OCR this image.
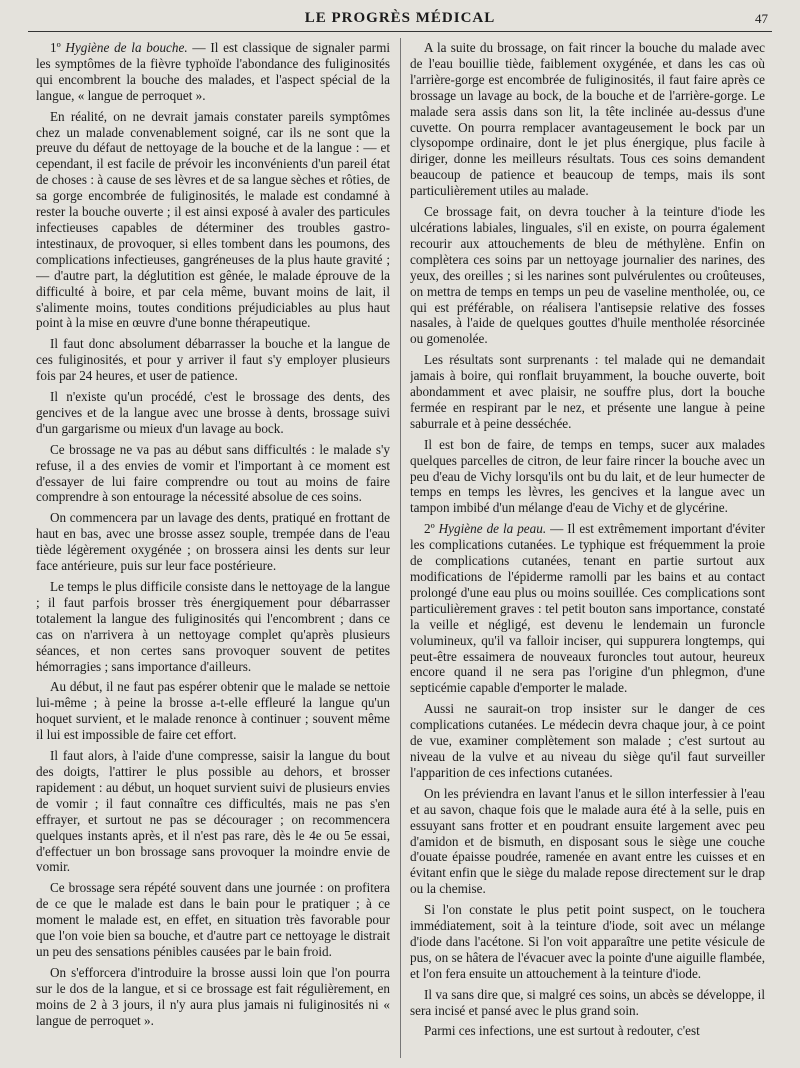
LE PROGRÈS MÉDICAL	47

1º Hygiène de la bouche. — Il est classique de signaler parmi les symptômes de la fièvre typhoïde l'abondance des fuliginosités qui encombrent la bouche des malades, et l'aspect spécial de la langue, « langue de perroquet ».

En réalité, on ne devrait jamais constater pareils symptômes chez un malade convenablement soigné, car ils ne sont que la preuve du défaut de nettoyage de la bouche et de la langue : — et cependant, il est facile de prévoir les inconvénients d'un pareil état de choses : à cause de ses lèvres et de sa langue sèches et rôties, de sa gorge encombrée de fuliginosités, le malade est condamné à rester la bouche ouverte ; il est ainsi exposé à avaler des particules infectieuses capables de déterminer des troubles gastro-intestinaux, de provoquer, si elles tombent dans les poumons, des complications infectieuses, gangréneuses de la plus haute gravité ; — d'autre part, la déglutition est gênée, le malade éprouve de la difficulté à boire, et par cela même, buvant moins de lait, il s'alimente moins, toutes conditions préjudiciables au plus haut point à la mise en œuvre d'une bonne thérapeutique.

Il faut donc absolument débarrasser la bouche et la langue de ces fuliginosités, et pour y arriver il faut s'y employer plusieurs fois par 24 heures, et user de patience.

Il n'existe qu'un procédé, c'est le brossage des dents, des gencives et de la langue avec une brosse à dents, brossage suivi d'un gargarisme ou mieux d'un lavage au bock.

Ce brossage ne va pas au début sans difficultés : le malade s'y refuse, il a des envies de vomir et l'important à ce moment est d'essayer de lui faire comprendre ou tout au moins de faire comprendre à son entourage la nécessité absolue de ces soins.

On commencera par un lavage des dents, pratiqué en frottant de haut en bas, avec une brosse assez souple, trempée dans de l'eau tiède légèrement oxygénée ; on brossera ainsi les dents sur leur face antérieure, puis sur leur face postérieure.

Le temps le plus difficile consiste dans le nettoyage de la langue ; il faut parfois brosser très énergiquement pour débarrasser totalement la langue des fuliginosités qui l'encombrent ; dans ce cas on n'arrivera à un nettoyage complet qu'après plusieurs séances, et non certes sans provoquer souvent de petites hémorragies ; sans importance d'ailleurs.

Au début, il ne faut pas espérer obtenir que le malade se nettoie lui-même ; à peine la brosse a-t-elle effleuré la langue qu'un hoquet survient, et le malade renonce à continuer ; souvent même il lui est impossible de faire cet effort.

Il faut alors, à l'aide d'une compresse, saisir la langue du bout des doigts, l'attirer le plus possible au dehors, et brosser rapidement : au début, un hoquet survient suivi de plusieurs envies de vomir ; il faut connaître ces difficultés, mais ne pas s'en effrayer, et surtout ne pas se décourager ; on recommencera quelques instants après, et il n'est pas rare, dès le 4e ou 5e essai, d'effectuer un bon brossage sans provoquer la moindre envie de vomir.

Ce brossage sera répété souvent dans une journée : on profitera de ce que le malade est dans le bain pour le pratiquer ; à ce moment le malade est, en effet, en situation très favorable pour que l'on voie bien sa bouche, et d'autre part ce nettoyage le distrait un peu des sensations pénibles causées par le bain froid.

On s'efforcera d'introduire la brosse aussi loin que l'on pourra sur le dos de la langue, et si ce brossage est fait régulièrement, en moins de 2 à 3 jours, il n'y aura plus jamais ni fuliginosités ni « langue de perroquet ».

A la suite du brossage, on fait rincer la bouche du malade avec de l'eau bouillie tiède, faiblement oxygénée, et dans les cas où l'arrière-gorge est encombrée de fuliginosités, il faut faire après ce brossage un lavage au bock, de la bouche et de l'arrière-gorge. Le malade sera assis dans son lit, la tête inclinée au-dessus d'une cuvette. On pourra remplacer avantageusement le bock par un clysopompe ordinaire, dont le jet plus énergique, plus facile à diriger, donne les meilleurs résultats. Tous ces soins demandent beaucoup de patience et beaucoup de temps, mais ils sont particulièrement utiles au malade.

Ce brossage fait, on devra toucher à la teinture d'iode les ulcérations labiales, linguales, s'il en existe, on pourra également recourir aux attouchements de bleu de méthylène. Enfin on complètera ces soins par un nettoyage journalier des narines, des yeux, des oreilles ; si les narines sont pulvérulentes ou croûteuses, on mettra de temps en temps un peu de vaseline mentholée, ou, ce qui est préférable, on réalisera l'antisepsie relative des fosses nasales, à l'aide de quelques gouttes d'huile mentholée résorcinée ou gomenolée.

Les résultats sont surprenants : tel malade qui ne demandait jamais à boire, qui ronflait bruyamment, la bouche ouverte, boit abondamment et avec plaisir, ne souffre plus, dort la bouche fermée en respirant par le nez, et présente une langue à peine saburrale et à peine desséchée.

Il est bon de faire, de temps en temps, sucer aux malades quelques parcelles de citron, de leur faire rincer la bouche avec un peu d'eau de Vichy lorsqu'ils ont bu du lait, et de leur humecter de temps en temps les lèvres, les gencives et la langue avec un tampon imbibé d'un mélange d'eau de Vichy et de glycérine.

2º Hygiène de la peau. — Il est extrêmement important d'éviter les complications cutanées. Le typhique est fréquemment la proie de complications cutanées, tenant en partie surtout aux modifications de l'épiderme ramolli par les bains et au contact prolongé d'une eau plus ou moins souillée. Ces complications sont particulièrement graves : tel petit bouton sans importance, constaté la veille et négligé, est devenu le lendemain un furoncle volumineux, qu'il va falloir inciser, qui suppurera longtemps, qui peut-être essaimera de nouveaux furoncles tout autour, heureux encore quand il ne sera pas l'origine d'un phlegmon, d'une septicémie capable d'emporter le malade.

Aussi ne saurait-on trop insister sur le danger de ces complications cutanées. Le médecin devra chaque jour, à ce point de vue, examiner complètement son malade ; c'est surtout au niveau de la vulve et au niveau du siège qu'il faut surveiller l'apparition de ces infections cutanées.

On les préviendra en lavant l'anus et le sillon interfessier à l'eau et au savon, chaque fois que le malade aura été à la selle, puis en essuyant sans frotter et en poudrant ensuite largement avec peu d'amidon et de bismuth, en disposant sous le siège une couche d'ouate épaisse poudrée, ramenée en avant entre les cuisses et en évitant enfin que le siège du malade repose directement sur le drap ou la chemise.

Si l'on constate le plus petit point suspect, on le touchera immédiatement, soit à la teinture d'iode, soit avec un mélange d'iode dans l'acétone. Si l'on voit apparaître une petite vésicule de pus, on se hâtera de l'évacuer avec la pointe d'une aiguille flambée, et l'on fera ensuite un attouchement à la teinture d'iode.

Il va sans dire que, si malgré ces soins, un abcès se développe, il sera incisé et pansé avec le plus grand soin.

Parmi ces infections, une est surtout à redouter, c'est
